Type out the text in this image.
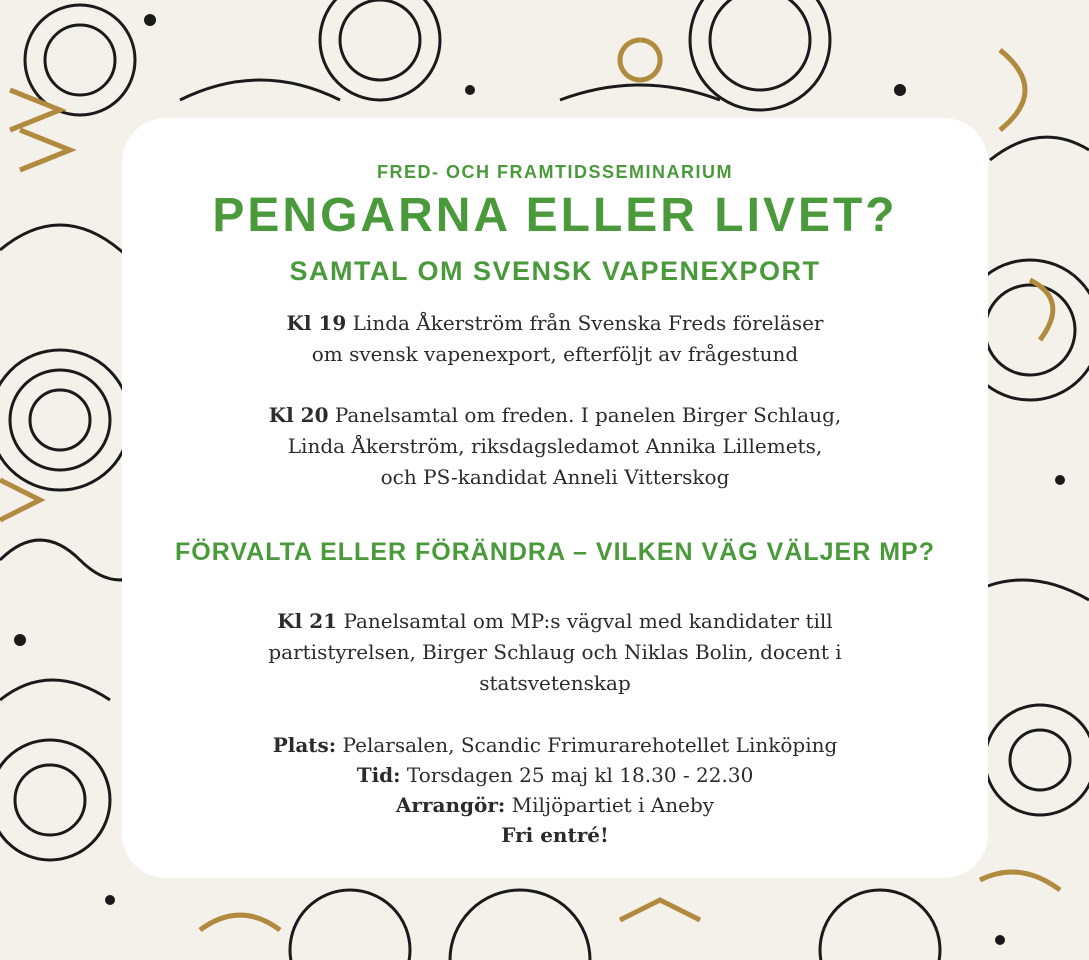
FRED- OCH FRAMTIDSSEMINARIUM
PENGARNA ELLER LIVET?
SAMTAL OM SVENSK VAPENEXPORT
Kl 19 Linda Åkerström från Svenska Freds föreläser
om svensk vapenexport, efterföljt av frågestund
Kl 20 Panelsamtal om freden. I panelen Birger Schlaug,
Linda Åkerström, riksdagsledamot Annika Lillemets,
och PS-kandidat Anneli Vitterskog
FÖRVALTA ELLER FÖRÄNDRA – VILKEN VÄG VÄLJER MP?
Kl 21 Panelsamtal om MP:s vägval med kandidater till
partistyrelsen, Birger Schlaug och Niklas Bolin, docent i
statsvetenskap
Plats: Pelarsalen, Scandic Frimurarehotellet Linköping
Tid: Torsdagen 25 maj kl 18.30 - 22.30
Arrangör: Miljöpartiet i Aneby
Fri entré!
